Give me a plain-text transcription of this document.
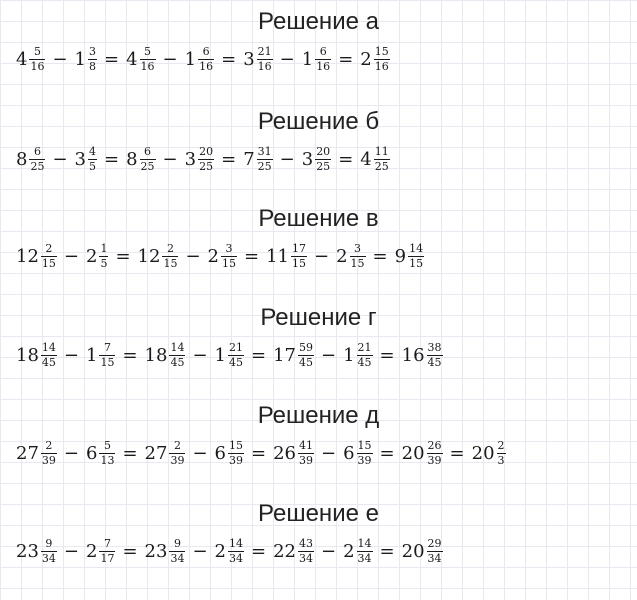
Решение а
$4 \frac{5}{16} - 1 \frac{3}{8} = 4 \frac{5}{16} - 1 \frac{6}{16} = 3 \frac{21}{16} - 1 \frac{6}{16} = 2 \frac{15}{16}$
Решение б
$8 \frac{6}{25} - 3 \frac{4}{5} = 8 \frac{6}{25} - 3 \frac{20}{25} = 7 \frac{31}{25} - 3 \frac{20}{25} = 4 \frac{11}{25}$
Решение в
$12 \frac{2}{15} - 2 \frac{1}{5} = 12 \frac{2}{15} - 2 \frac{3}{15} = 11 \frac{17}{15} - 2 \frac{3}{15} = 9 \frac{14}{15}$
Решение г
$18 \frac{14}{45} - 1 \frac{7}{15} = 18 \frac{14}{45} - 1 \frac{21}{45} = 17 \frac{59}{45} - 1 \frac{21}{45} = 16 \frac{38}{45}$
Решение д
$27 \frac{2}{39} - 6 \frac{5}{13} = 27 \frac{2}{39} - 6 \frac{15}{39} = 26 \frac{41}{39} - 6 \frac{15}{39} = 20 \frac{26}{39} = 20 \frac{2}{3}$
Решение е
$23 \frac{9}{34} - 2 \frac{7}{17} = 23 \frac{9}{34} - 2 \frac{14}{34} = 22 \frac{43}{34} - 2 \frac{14}{34} = 20 \frac{29}{34}$
